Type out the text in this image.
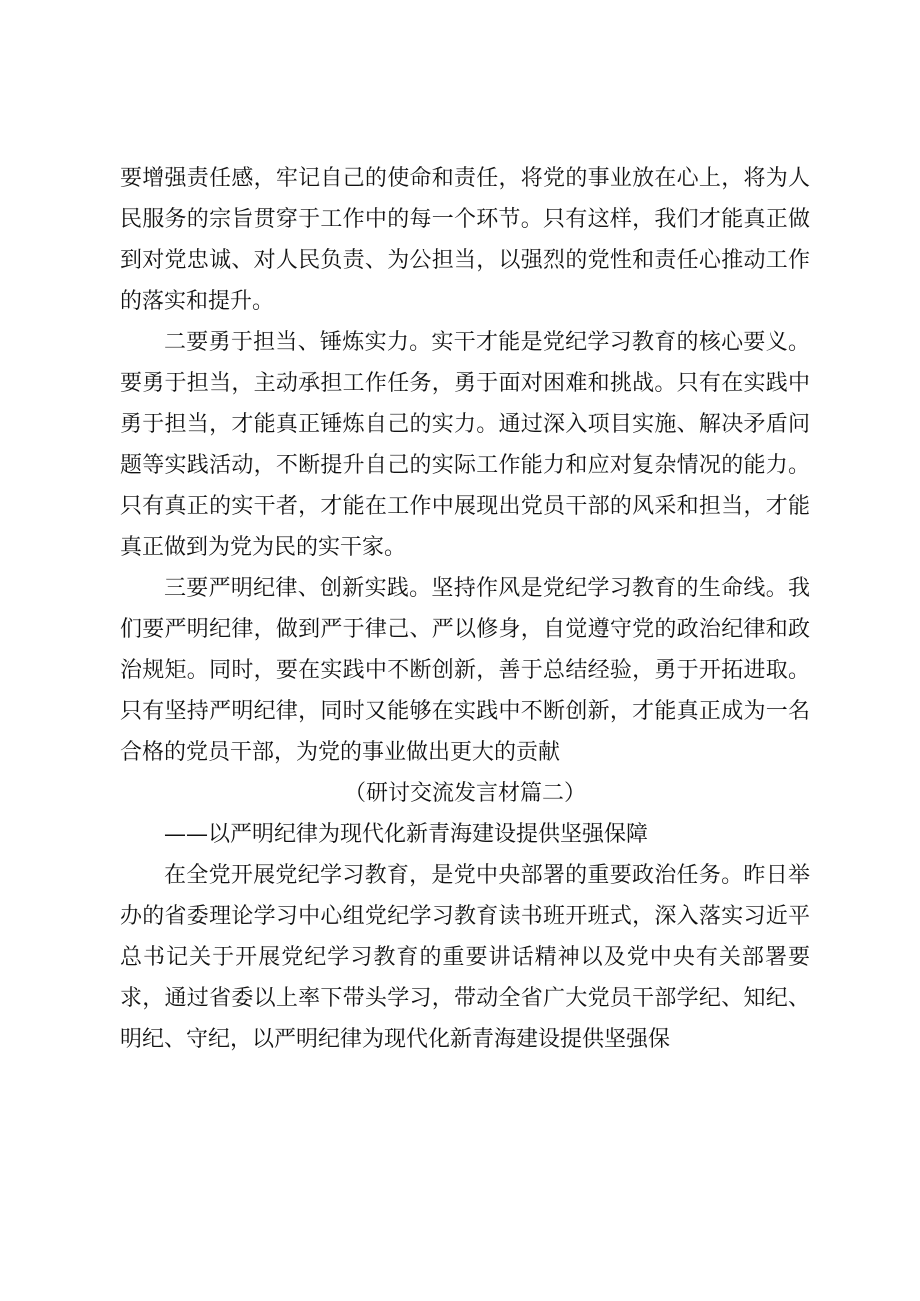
要增强责任感，牢记自己的使命和责任，将党的事业放在心上，将为人民服务的宗旨贯穿于工作中的每一个环节。只有这样，我们才能真正做到对党忠诚、对人民负责、为公担当，以强烈的党性和责任心推动工作的落实和提升。

二要勇于担当、锤炼实力。实干才能是党纪学习教育的核心要义。要勇于担当，主动承担工作任务，勇于面对困难和挑战。只有在实践中勇于担当，才能真正锤炼自己的实力。通过深入项目实施、解决矛盾问题等实践活动，不断提升自己的实际工作能力和应对复杂情况的能力。只有真正的实干者，才能在工作中展现出党员干部的风采和担当，才能真正做到为党为民的实干家。

三要严明纪律、创新实践。坚持作风是党纪学习教育的生命线。我们要严明纪律，做到严于律己、严以修身，自觉遵守党的政治纪律和政治规矩。同时，要在实践中不断创新，善于总结经验，勇于开拓进取。只有坚持严明纪律，同时又能够在实践中不断创新，才能真正成为一名合格的党员干部，为党的事业做出更大的贡献

（研讨交流发言材篇二）

——以严明纪律为现代化新青海建设提供坚强保障

在全党开展党纪学习教育，是党中央部署的重要政治任务。昨日举办的省委理论学习中心组党纪学习教育读书班开班式，深入落实习近平总书记关于开展党纪学习教育的重要讲话精神以及党中央有关部署要求，通过省委以上率下带头学习，带动全省广大党员干部学纪、知纪、明纪、守纪，以严明纪律为现代化新青海建设提供坚强保
